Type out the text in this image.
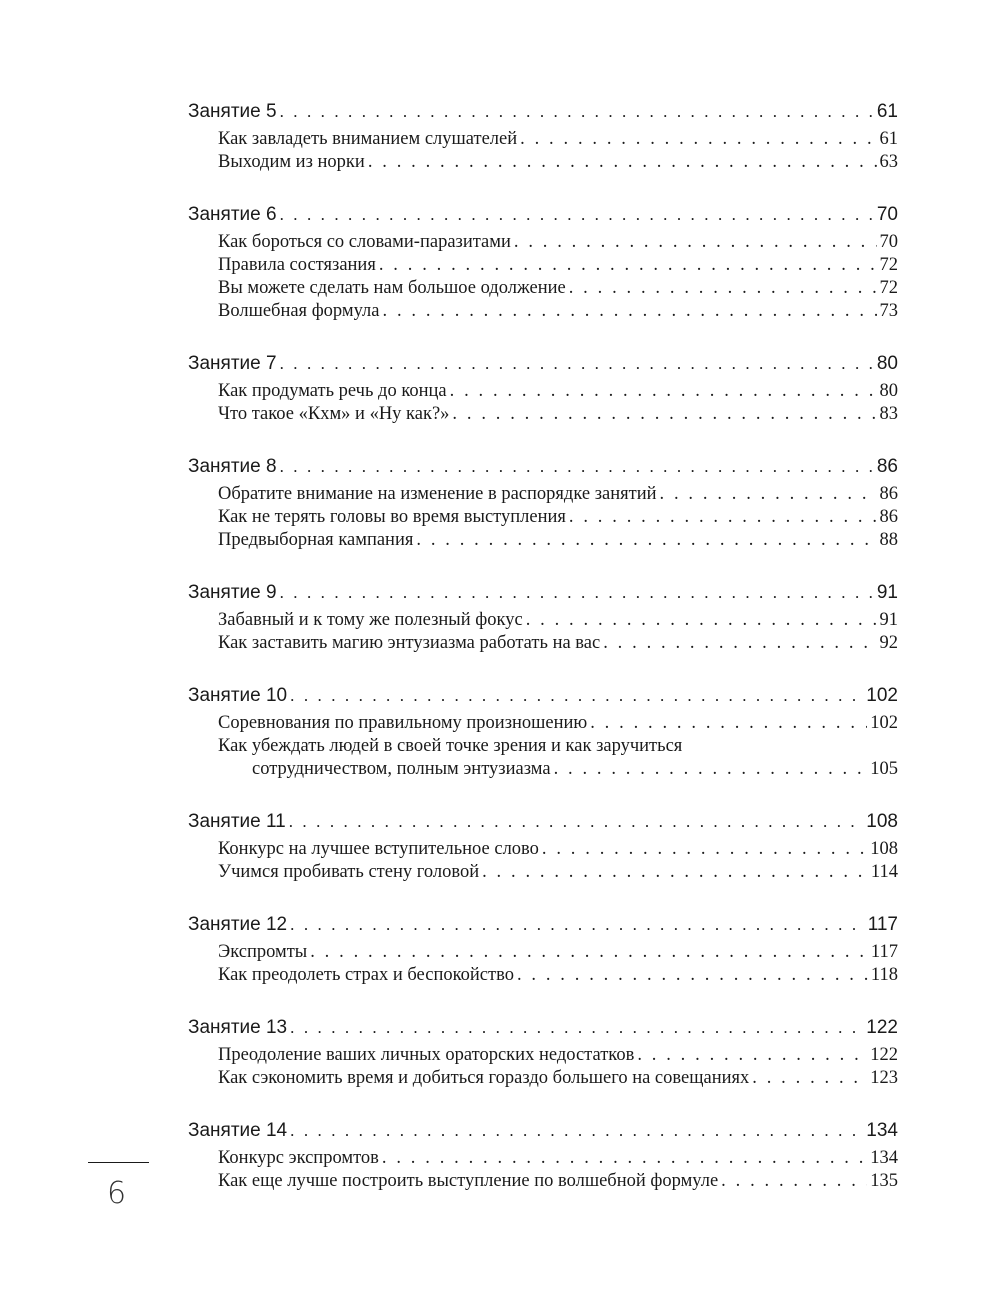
Занятие 5 . . .	61
Как завладеть вниманием слушателей . . .	61
Выходим из норки . . .	63
Занятие 6 . . .	70
Как бороться со словами-паразитами . . .	70
Правила состязания . . .	72
Вы можете сделать нам большое одолжение . . .	72
Волшебная формула . . .	73
Занятие 7 . . .	80
Как продумать речь до конца . . .	80
Что такое «Кхм» и «Ну как?» . . .	83
Занятие 8 . . .	86
Обратите внимание на изменение в распорядке занятий . . .	86
Как не терять головы во время выступления . . .	86
Предвыборная кампания . . .	88
Занятие 9 . . .	91
Забавный и к тому же полезный фокус . . .	91
Как заставить магию энтузиазма работать на вас . . .	92
Занятие 10 . . .	102
Соревнования по правильному произношению . . .	102
Как убеждать людей в своей точке зрения и как заручиться
сотрудничеством, полным энтузиазма . . .	105
Занятие 11 . . .	108
Конкурс на лучшее вступительное слово . . .	108
Учимся пробивать стену головой . . .	114
Занятие 12 . . .	117
Экспромты . . .	117
Как преодолеть страх и беспокойство . . .	118
Занятие 13 . . .	122
Преодоление ваших личных ораторских недостатков . . .	122
Как сэкономить время и добиться гораздо большего на совещаниях . . .	123
Занятие 14 . . .	134
Конкурс экспромтов . . .	134
Как еще лучше построить выступление по волшебной формуле . . .	135
6
